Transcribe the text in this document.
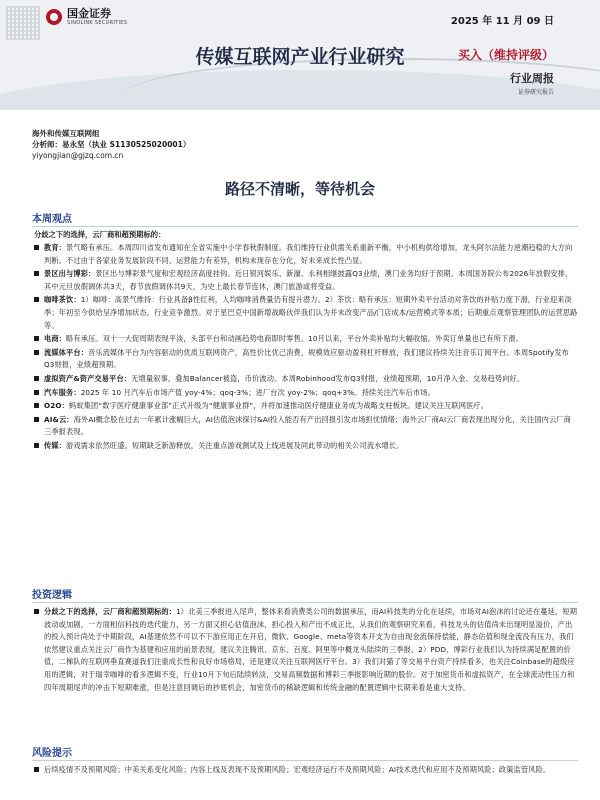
国金证券
SINOLINK SECURITIES	2025 年 11 月 09 日
传媒互联网产业行业研究	买入（维持评级）
行业周报
证券研究报告
海外和传媒互联网组
分析师：易永坚（执业 S1130525020001）
yiyongjian@gjzq.com.cn
路径不清晰，等待机会
本周观点
分歧之下的选择，云厂商和超预期标的：
教育：景气略有承压。本周四川省发布通知在全省实施中小学春秋假制度。我们维持行业供需关系重新平衡，中小机构供给增加，龙头阿尔法能力逆潮趋稳的大方向判断。不过由于各家业务发展阶段不同、运营能力有差异，机构未现存在分化，好未来成长性凸显。
景区出与博彩：景区出与博彩景气度和宏观经济高度挂钩。近日银河娱乐、新濠、永利相继披露Q3业绩，澳门业务均好于预期。本周国务院公布2026年放假安排，其中元旦放假调休共3天，春节放假调休共9天，为史上最长春节连休，澳门旅游或将受益。
咖啡茶饮：1）咖啡：高景气维持：行业具备β性红利，人均咖啡消费量仍有提升潜力。2）茶饮：略有承压：短期外卖平台活动对茶饮的补贴力度下滑，行业迎来淡季；年初至今供给呈净增加状态，行业竞争激烈。对于星巴克中国新增战略伙伴我们认为并未改变产品/门店成本/运营模式等本质；后期重点观察管理团队的运营思路等。
电商：略有承压。双十一大促周期表现平淡，头部平台和动画趋势电商即时零售。10月以来，平台外卖补贴均大幅收缩，外卖订单量也已有所下滑。
流媒体平台：音乐流媒体平台为内容驱动的优质互联网资产，高性价比优己消费，规模效应驱动盈利杠杆释放，我们建议持续关注音乐订阅平台。本周Spotify发布Q3财报，业绩超预期。
虚拟资产&资产交易平台：无增量叙事，叠加Balancer被盗，币价波动。本周Robinhood发布Q3财报，业绩超预期，10月净入金、交易趋势向好。
汽车服务：2025 年 10 月汽车后市场产值 yoy-4%；qoq-3%；进厂台次 yoy-2%；qoq+3%。持续关注汽车后市场。
O2O：蚂蚁集团“数字医疗健康事业部”正式升级为“健康事业群”，并将加速推动医疗健康业务成为战略支柱板块。建议关注互联网医疗。
AI&云：海外AI概念股在过去一年累计涨幅巨大，AI估值泡沫探讨&AI投入能否有产出回报引发市场担忧情绪；海外云厂商AI云厂商表现出现分化，关注国内云厂商三季报表现。
传媒：游戏需求依然旺盛，短期缺乏新游释放，关注重点游戏测试及上线进展及同此带动的相关公司流水增长。
投资逻辑
分歧之下的选择，云厂商和超预期标的：1）北美三季报进入尾声，整体来看消费类公司的数据承压，而AI科技类的分化在延续，市场对AI泡沫的讨论还在蔓延，短期波动或加剧，一方面相信科技的迭代能力，另一方面又担心估值泡沫，担心投入和产出不成正比，从我们的观察研究来看，科技龙头的估值尚未出现明显溢价，产出的投入预计尚处于中期阶段，AI基建依然不可以不下游应用正在开启，微软、Google、meta等资本开支为自由现金流保持偿能，静态估值和现金流没有压力，我们依然建议重点关注云厂商作为基建和应用的前景表现，建议关注腾讯、京东、百度、阿里等中概龙头陆续的三季报。2）PDD、博彩行业我们认为持续满足配置的价值，二梯队的互联网垂直赛道我们注重成长性和良好市场格局，还是建议关注互联网医疗平台。3）我们对猫了等交易平台资产持续看多，也关注Coinbase的超级应用的逻辑，对于瑞幸咖啡的看多逻辑不变，行业10月下旬后陆续转淡，交易高频数据和博彩三季报影响近期的股价。对于加密货币和虚拟资产，在全球流动性压力和四年周期尾声的冲击下短期难涨，但是注意回调后的抄底机会，加密货币的稀缺逻辑和传统金融的配置逻辑中长期来看是重大支持。
风险提示
后续疫情不及预期风险；中美关系变化风险；内容上线及表现不及预期风险；宏观经济运行不及预期风险；AI技术迭代和应用不及预期风险；政策监管风险。
